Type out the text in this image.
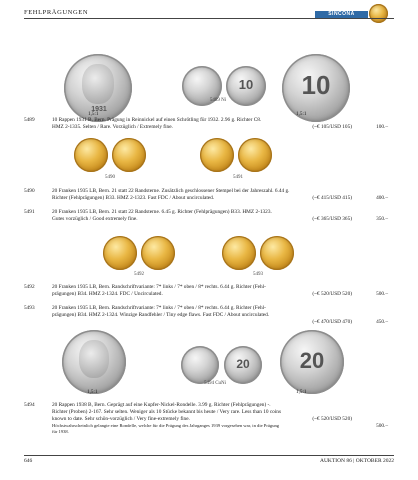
FEHLPRÄGUNGEN	SINCONA
1931
10	10
5489 Ni
1,5:1	1,5:1
5489	10 Rappen 1931 B, Bern. Prägung in Reinnickel auf einen Schrötling für 1932. 2.96 g. Richter C8.
HMZ 2-1335. Selten / Rare. Vorzüglich / Extremely fine.	(~€ 105/USD 105)	100.–
5490	5491
5490	20 Franken 1935 LB, Bern. 21 statt 22 Randsterne. Zusätzlich geschlossener Stempel bei der Jahreszahl. 6.44 g.
Richter (Fehlprägungen) B33. HMZ 2-1323. Fast FDC / About uncirculated.	(~€ 415/USD 415)	400.–
5491	20 Franken 1935 LB, Bern. 21 statt 22 Randsterne. 6.45 g. Richter (Fehlprägungen) B33. HMZ 2-1323.
Gutes vorzüglich / Good extremely fine.	(~€ 365/USD 365)	350.–
5492	5493
5492	20 Franken 1935 LB, Bern. Randschriftvariante: 7* links / 7* oben / 8* rechts. 6.44 g. Richter (Fehl-
prägungen) B34. HMZ 2-1324. FDC / Uncirculated.	(~€ 520/USD 520)	500.–
5493	20 Franken 1935 LB, Bern. Randschriftvariante: 7* links / 7* oben / 8* rechts. 6.44 g. Richter (Fehl-
prägungen) B34. HMZ 2-1324. Winzige Randfehler / Tiny edge flaws. Fast FDC / About uncirculated.
(~€ 470/USD 470)	450.–
20	20
5494 CuNi
1,5:1	1,5:1
5494	20 Rappen 1938 B, Bern. Geprägt auf eine Kupfer-Nickel-Rondelle. 3.99 g. Richter (Fehlprägungen) -.
Richter (Proben) 2-167. Sehr selten. Weniger als 10 Stücke bekannt bis heute / Very rare. Less than 10 coins
known to date. Sehr schön-vorzüglich / Very fine-extremely fine.	(~€ 520/USD 520)
Höchstwahrscheinlich gelangte eine Rondelle, welche für die Prägung des Jahrganges 1939 vorgesehen war, in die Prägung
für 1938.
500.–
646	AUKTION 86 | OKTOBER 2022
